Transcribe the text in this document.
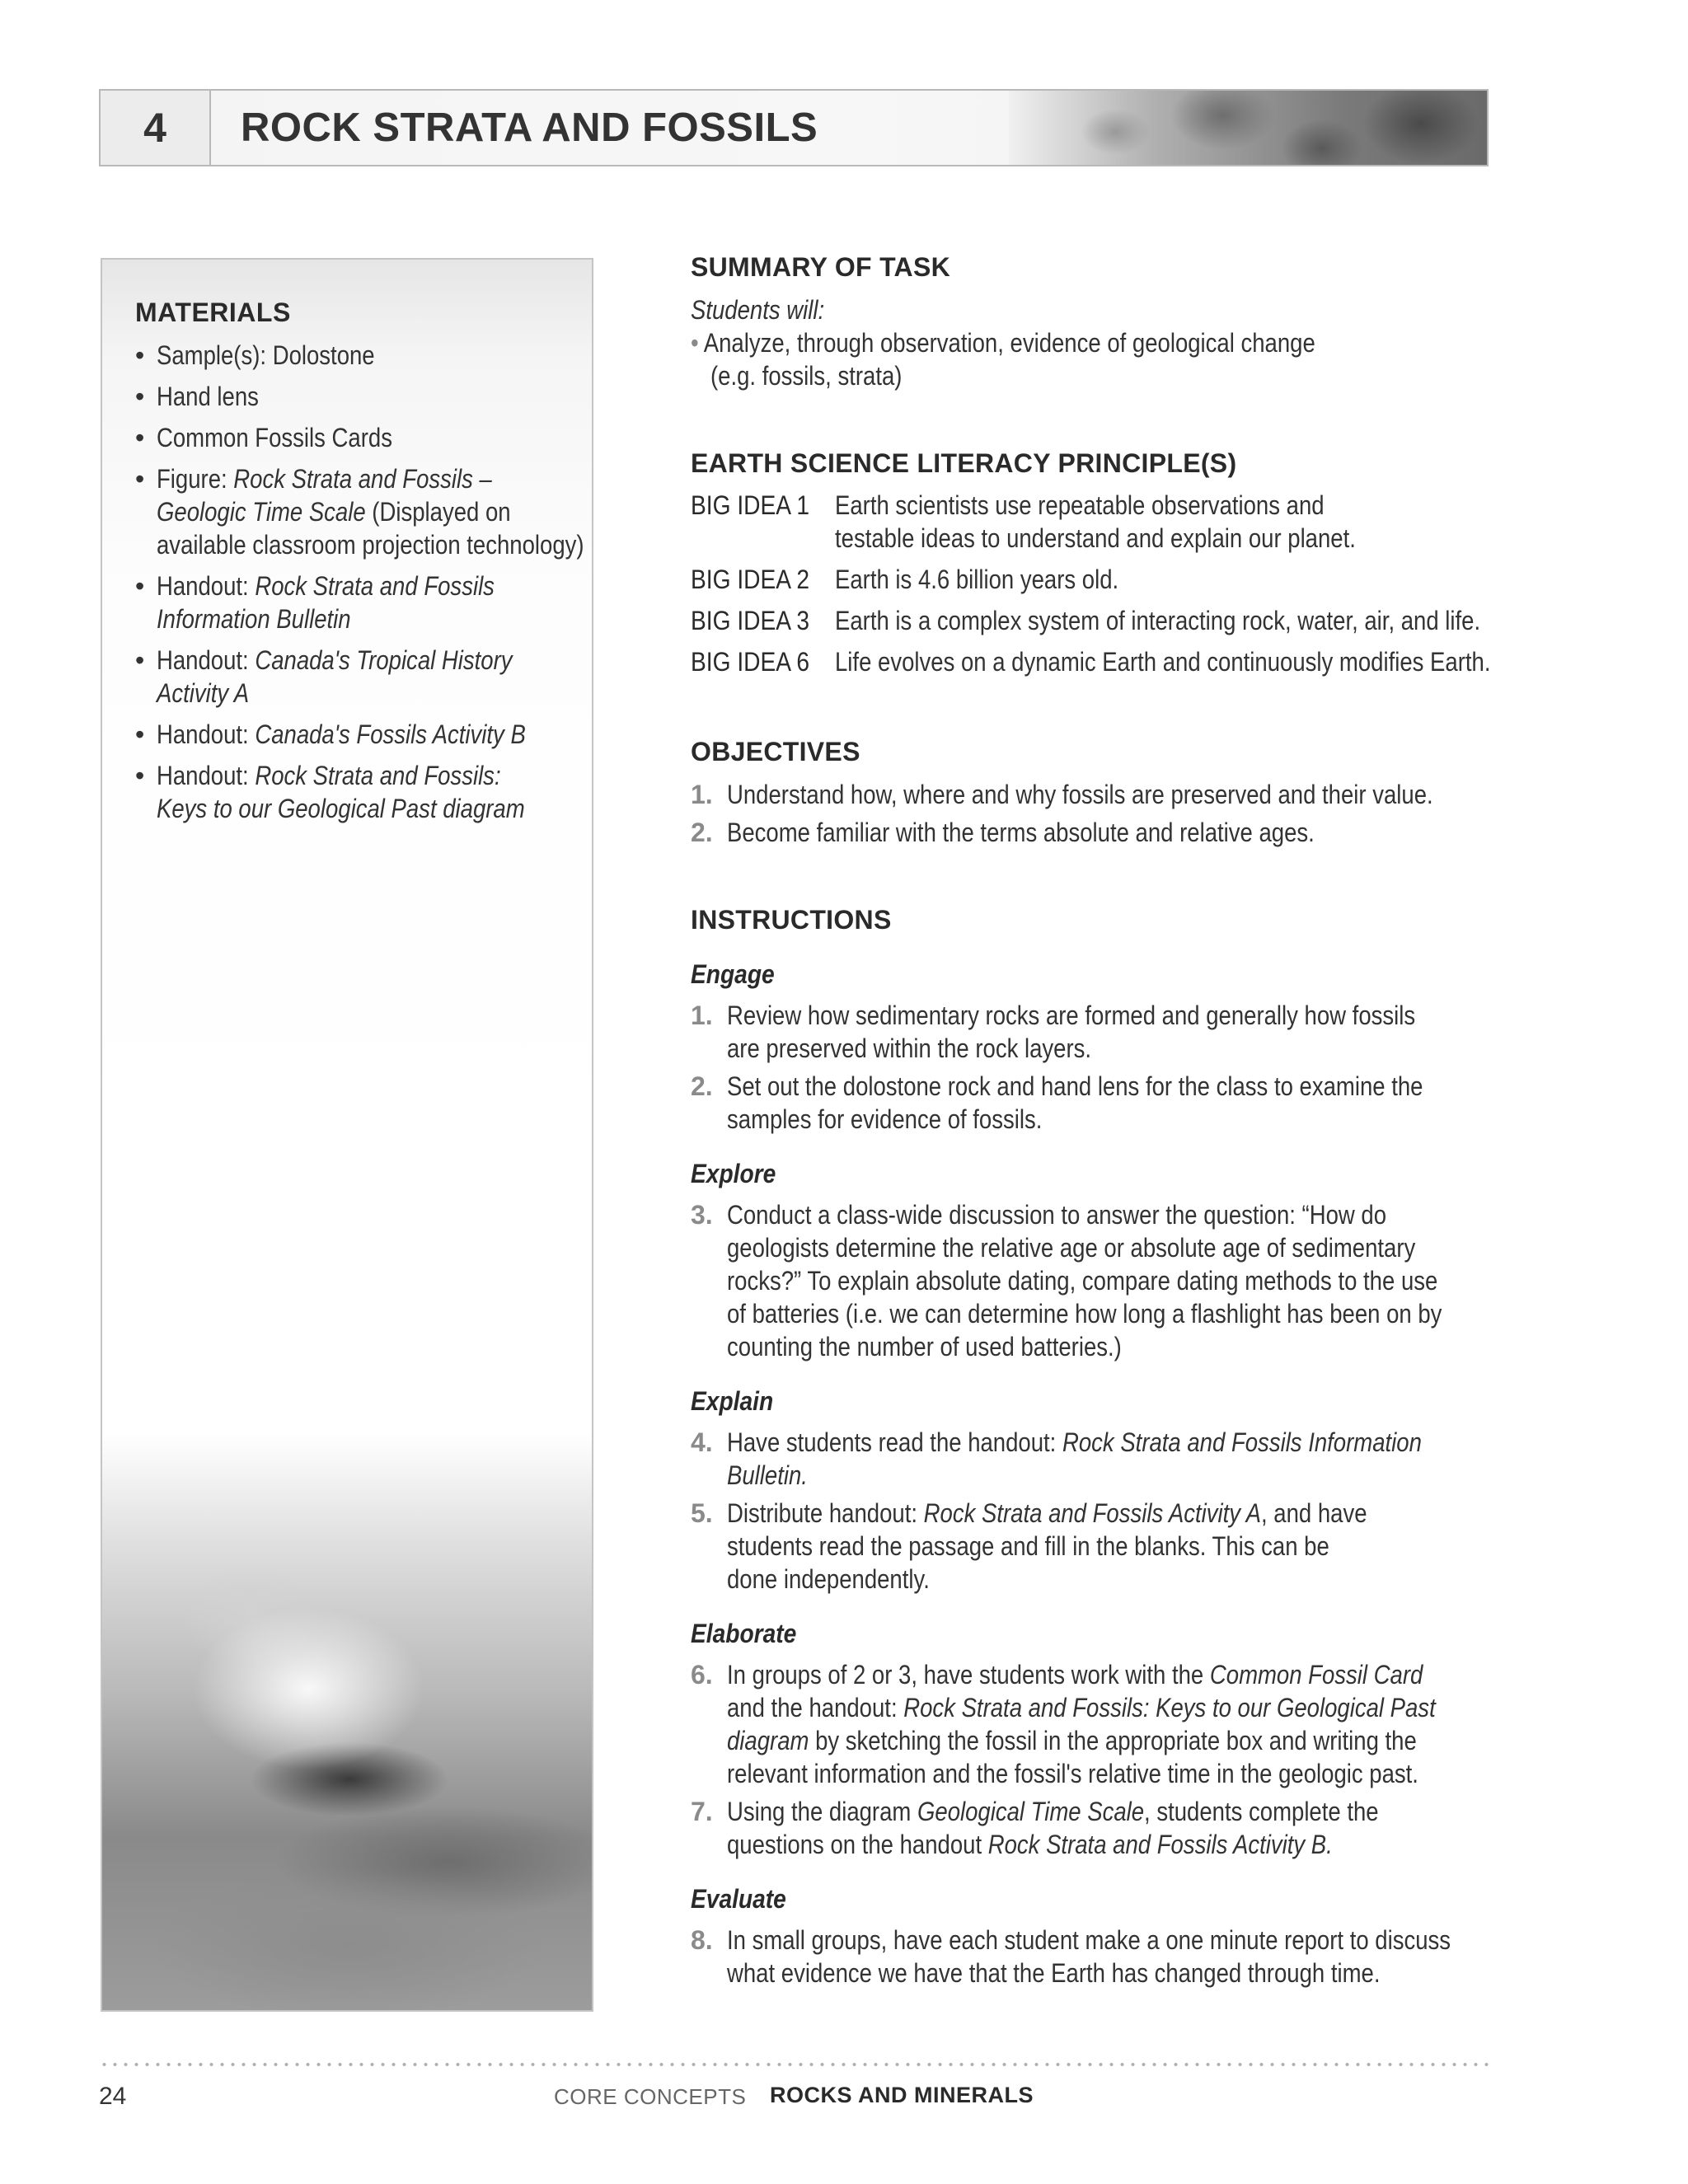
4	ROCK STRATA AND FOSSILS
MATERIALS
• Sample(s): Dolostone
• Hand lens
• Common Fossils Cards
• Figure: Rock Strata and Fossils –
Geologic Time Scale (Displayed on
available classroom projection technology)
• Handout: Rock Strata and Fossils
Information Bulletin
• Handout: Canada's Tropical History
Activity A
• Handout: Canada's Fossils Activity B
• Handout: Rock Strata and Fossils:
Keys to our Geological Past diagram
SUMMARY OF TASK
Students will:
• Analyze, through observation, evidence of geological change
(e.g. fossils, strata)
EARTH SCIENCE LITERACY PRINCIPLE(S)
BIG IDEA 1 Earth scientists use repeatable observations and
testable ideas to understand and explain our planet.
BIG IDEA 2 Earth is 4.6 billion years old.
BIG IDEA 3 Earth is a complex system of interacting rock, water, air, and life.
BIG IDEA 6 Life evolves on a dynamic Earth and continuously modifies Earth.
OBJECTIVES
1. Understand how, where and why fossils are preserved and their value.
2. Become familiar with the terms absolute and relative ages.
INSTRUCTIONS
Engage
1. Review how sedimentary rocks are formed and generally how fossils
are preserved within the rock layers.
2. Set out the dolostone rock and hand lens for the class to examine the
samples for evidence of fossils.
Explore
3. Conduct a class-wide discussion to answer the question: “How do
geologists determine the relative age or absolute age of sedimentary
rocks?” To explain absolute dating, compare dating methods to the use
of batteries (i.e. we can determine how long a flashlight has been on by
counting the number of used batteries.)
Explain
4. Have students read the handout: Rock Strata and Fossils Information
Bulletin.
5. Distribute handout: Rock Strata and Fossils Activity A, and have
students read the passage and fill in the blanks. This can be
done independently.
Elaborate
6. In groups of 2 or 3, have students work with the Common Fossil Card
and the handout: Rock Strata and Fossils: Keys to our Geological Past
diagram by sketching the fossil in the appropriate box and writing the
relevant information and the fossil's relative time in the geologic past.
7. Using the diagram Geological Time Scale, students complete the
questions on the handout Rock Strata and Fossils Activity B.
Evaluate
8. In small groups, have each student make a one minute report to discuss
what evidence we have that the Earth has changed through time.
24	CORE CONCEPTS ROCKS AND MINERALS
